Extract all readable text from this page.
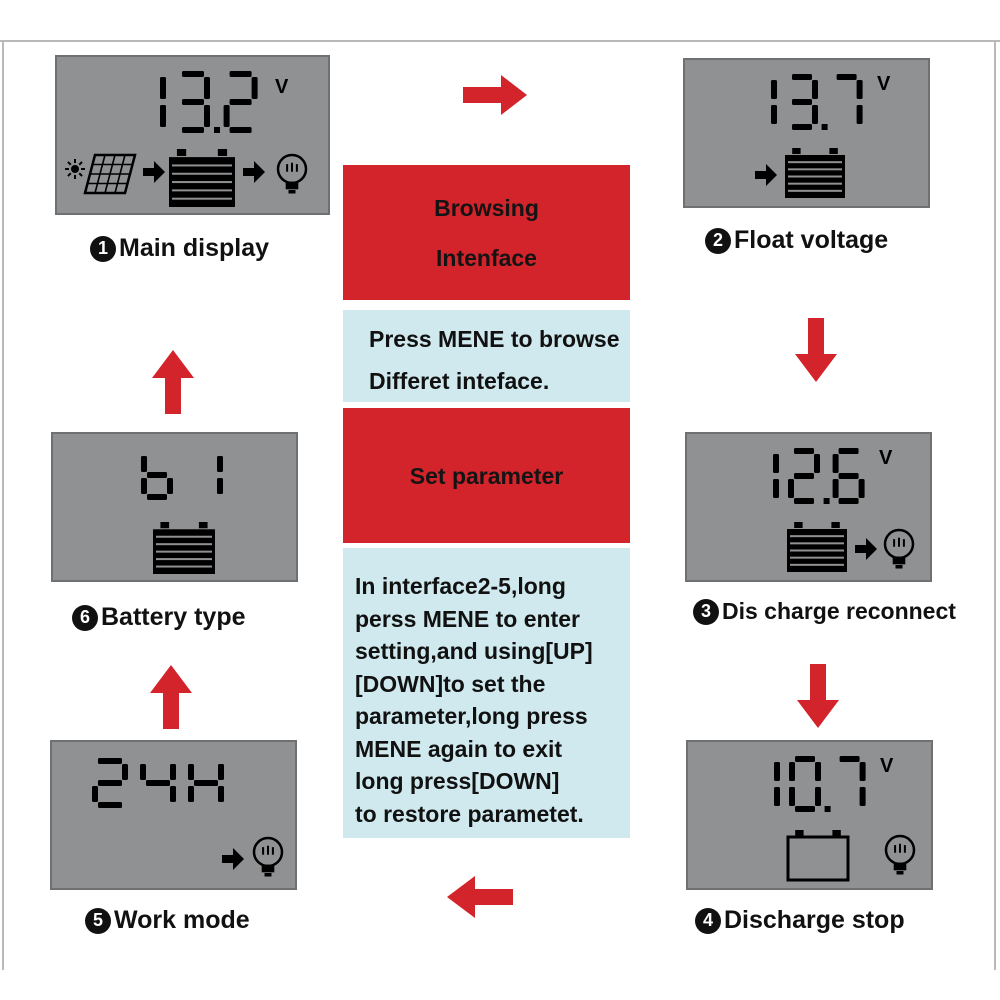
V
1 Main display
V
2 Float voltage
V
3 Dis charge reconnect
V
4 Discharge stop
5 Work mode
6 Battery type
Browsing
Intenface
Press MENE to browse
Differet inteface.
Set parameter
In interface2-5,long
perss MENE to enter
setting,and using[UP]
[DOWN]to set the
parameter,long press
MENE again to exit
long press[DOWN]
to restore parametet.
